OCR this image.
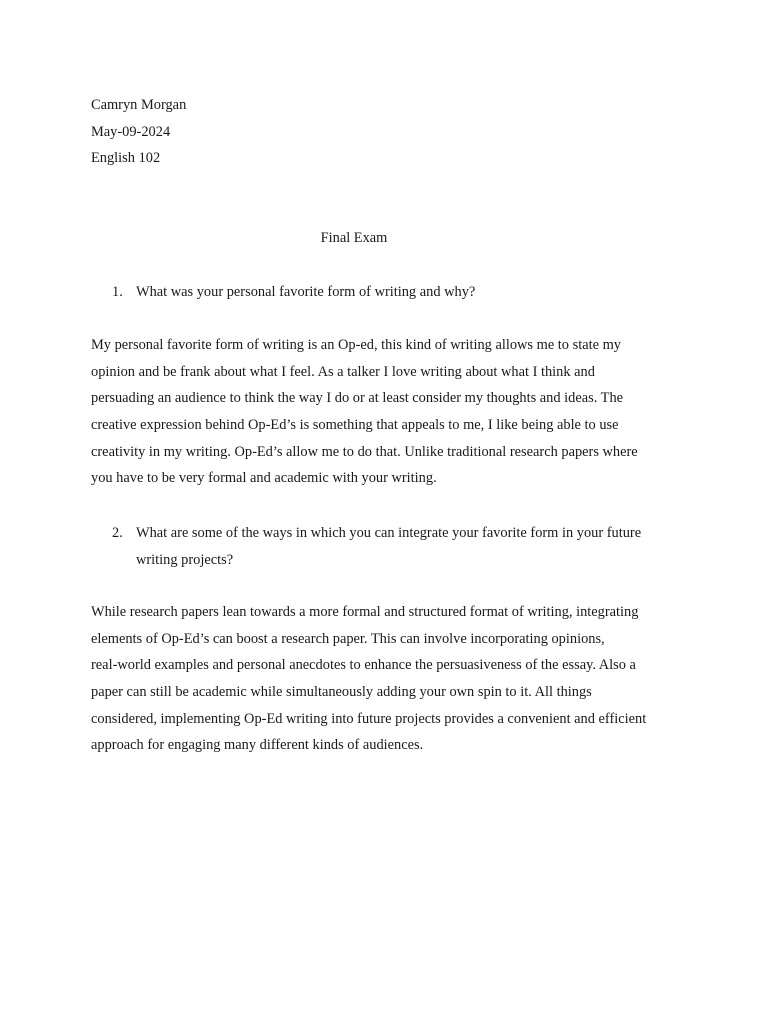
Camryn Morgan
May-09-2024
English 102
Final Exam
1. What was your personal favorite form of writing and why?
My personal favorite form of writing is an Op-ed, this kind of writing allows me to state my
opinion and be frank about what I feel. As a talker I love writing about what I think and
persuading an audience to think the way I do or at least consider my thoughts and ideas. The
creative expression behind Op-Ed’s is something that appeals to me, I like being able to use
creativity in my writing. Op-Ed’s allow me to do that. Unlike traditional research papers where
you have to be very formal and academic with your writing.
2. What are some of the ways in which you can integrate your favorite form in your future writing projects?
While research papers lean towards a more formal and structured format of writing, integrating
elements of Op-Ed’s can boost a research paper. This can involve incorporating opinions,
real-world examples and personal anecdotes to enhance the persuasiveness of the essay. Also a
paper can still be academic while simultaneously adding your own spin to it. All things
considered, implementing Op-Ed writing into future projects provides a convenient and efficient
approach for engaging many different kinds of audiences.
